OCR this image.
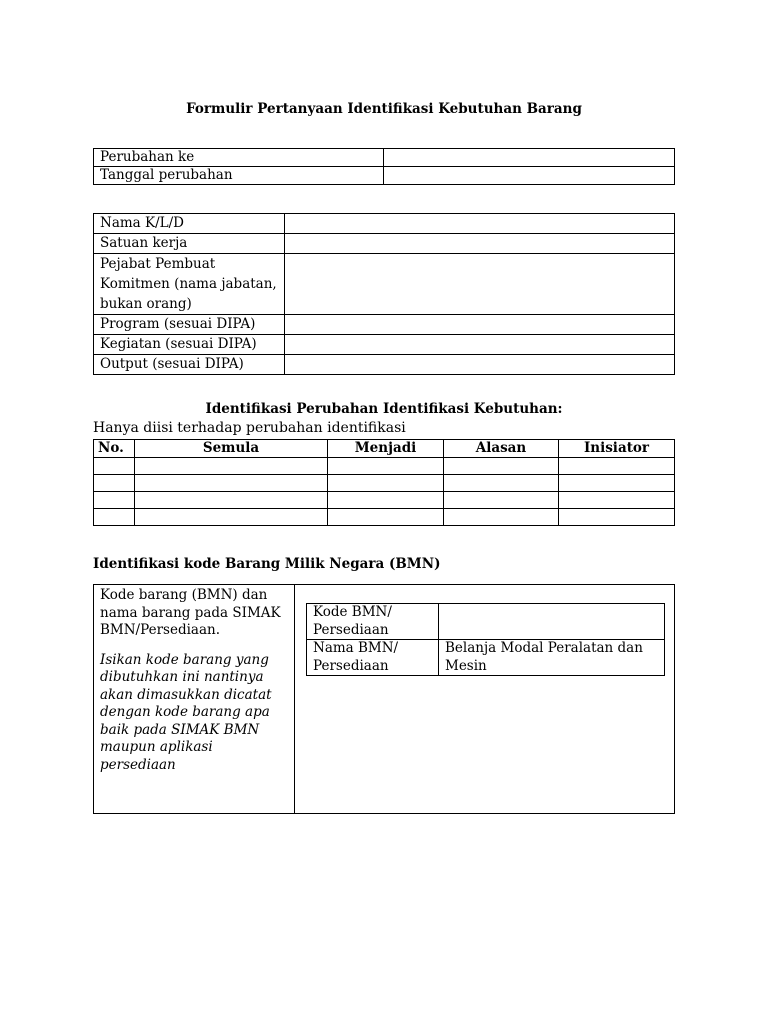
Formulir Pertanyaan Identifikasi Kebutuhan Barang
Perubahan ke	
Tanggal perubahan	
Nama K/L/D	
Satuan kerja	
Pejabat Pembuat Komitmen (nama jabatan, bukan orang)	
Program (sesuai DIPA)	
Kegiatan (sesuai DIPA)	
Output (sesuai DIPA)	
Identifikasi Perubahan Identifikasi Kebutuhan:
Hanya diisi terhadap perubahan identifikasi
No.	Semula	Menjadi	Alasan	Inisiator

Identifikasi kode Barang Milik Negara (BMN)
Kode barang (BMN) dan nama barang pada SIMAK BMN/Persediaan.
Isikan kode barang yang dibutuhkan ini nantinya akan dimasukkan dicatat dengan kode barang apa baik pada SIMAK BMN maupun aplikasi persediaan

Kode BMN/ Persediaan	
Nama BMN/ Persediaan	Belanja Modal Peralatan dan Mesin
